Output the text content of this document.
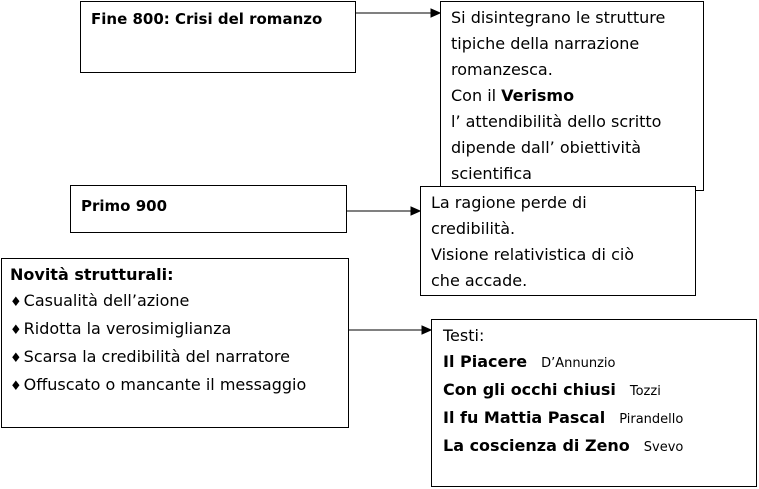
Fine 800: Crisi del romanzo	Si disintegrano le strutture
tipiche della narrazione
romanzesca.
Con il Verismo
l’ attendibilità dello scritto
dipende dall’ obiettività
scientifica
Primo 900	La ragione perde di
credibilità.
Visione relativistica di ciò
che accade.
Novità strutturali:
♦ Casualità dell’azione
♦ Ridotta la verosimiglianza
♦ Scarsa la credibilità del narratore
♦ Offuscato o mancante il messaggio
Testi:
Il Piacere D’Annunzio
Con gli occhi chiusi Tozzi
Il fu Mattia Pascal Pirandello
La coscienza di Zeno Svevo
